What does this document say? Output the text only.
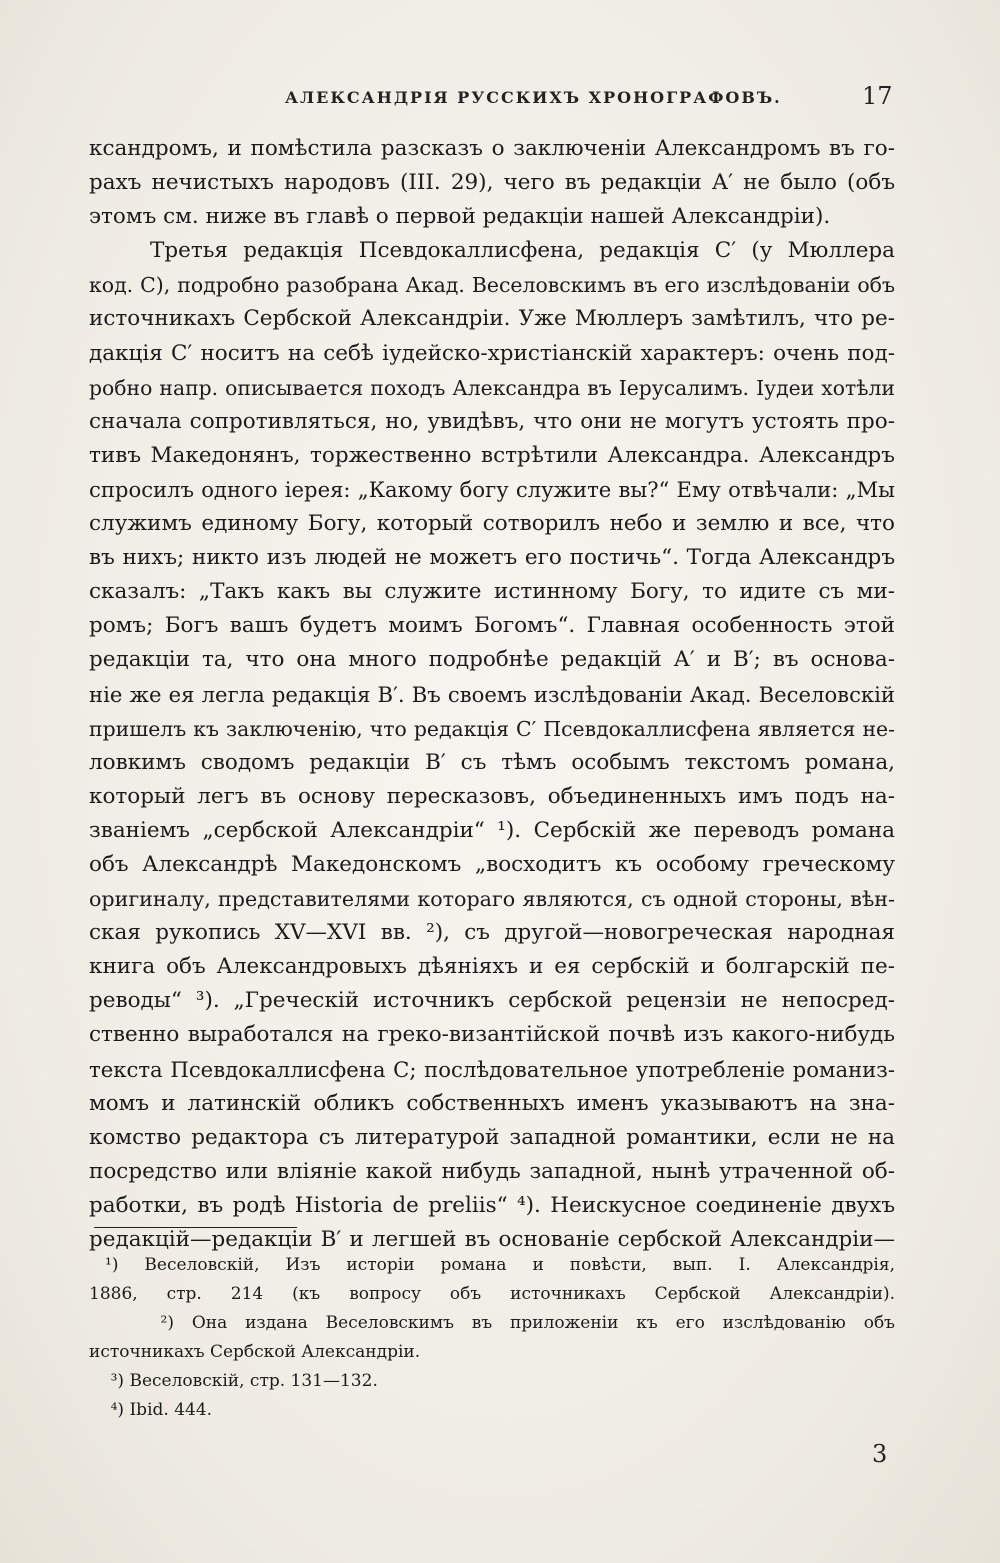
АЛЕКСАНДРІЯ РУССКИХЪ ХРОНОГРАФОВЪ.	17
ксандромъ, и помѣстила разсказъ о заключеніи Александромъ въ го-
рахъ нечистыхъ народовъ (III. 29), чего въ редакціи А′ не было (объ
этомъ см. ниже въ главѣ о первой редакціи нашей Александріи).
Третья редакція Псевдокаллисфена, редакція С′ (у Мюллера
код. С), подробно разобрана Акад. Веселовскимъ въ его изслѣдованіи объ
источникахъ Сербской Александріи. Уже Мюллеръ замѣтилъ, что ре-
дакція С′ носитъ на себѣ іудейско-христіанскій характеръ: очень под-
робно напр. описывается походъ Александра въ Іерусалимъ. Іудеи хотѣли
сначала сопротивляться, но, увидѣвъ, что они не могутъ устоять про-
тивъ Македонянъ, торжественно встрѣтили Александра. Александръ
спросилъ одного іерея: „Какому богу служите вы?“ Ему отвѣчали: „Мы
служимъ единому Богу, который сотворилъ небо и землю и все, что
въ нихъ; никто изъ людей не можетъ его постичь“. Тогда Александръ
сказалъ: „Такъ какъ вы служите истинному Богу, то идите съ ми-
ромъ; Богъ вашъ будетъ моимъ Богомъ“. Главная особенность этой
редакціи та, что она много подробнѣе редакцій А′ и В′; въ основа-
ніе же ея легла редакція В′. Въ своемъ изслѣдованіи Акад. Веселовскій
пришелъ къ заключенію, что редакція С′ Псевдокаллисфена является не-
ловкимъ сводомъ редакціи В′ съ тѣмъ особымъ текстомъ романа,
который легъ въ основу пересказовъ, объединенныхъ имъ подъ на-
званіемъ „сербской Александріи“ ¹). Сербскій же переводъ романа
объ Александрѣ Македонскомъ „восходитъ къ особому греческому
оригиналу, представителями котораго являются, съ одной стороны, вѣн-
ская рукопись XV—XVI вв. ²), съ другой—новогреческая народная
книга объ Александровыхъ дѣяніяхъ и ея сербскій и болгарскій пе-
реводы“ ³). „Греческій источникъ сербской рецензіи не непосред-
ственно выработался на греко-византійской почвѣ изъ какого-нибудь
текста Псевдокаллисфена С; послѣдовательное употребленіе романиз-
момъ и латинскій обликъ собственныхъ именъ указываютъ на зна-
комство редактора съ литературой западной романтики, если не на
посредство или вліяніе какой нибудь западной, нынѣ утраченной об-
работки, въ родѣ Historia de preliis“ ⁴). Неискусное соединеніе двухъ
редакцій—редакціи В′ и легшей въ основаніе сербской Александріи—
¹) Веселовскій, Изъ исторіи романа и повѣсти, вып. I. Александрія,
1886, стр. 214 (къ вопросу объ источникахъ Сербской Александріи).
²) Она издана Веселовскимъ въ приложеніи къ его изслѣдованію объ
источникахъ Сербской Александріи.
³) Веселовскій, стр. 131—132.
⁴) Ibid. 444.
3
